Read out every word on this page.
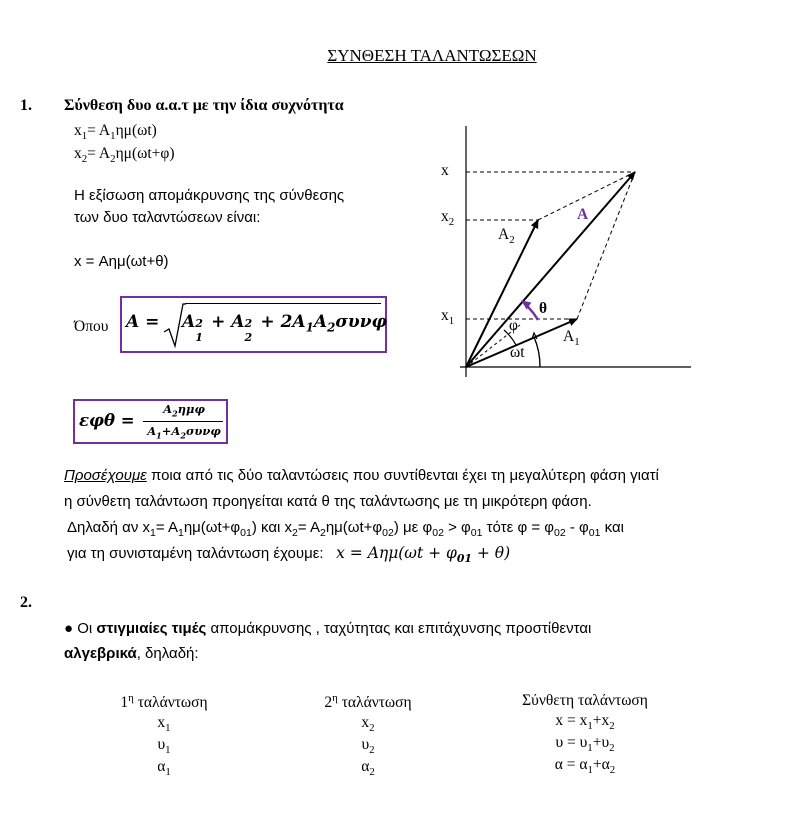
ΣΥΝΘΕΣΗ ΤΑΛΑΝΤΩΣΕΩΝ
1. Σύνθεση δυο α.α.τ με την ίδια συχνότητα
$x_1= A_1\eta\mu(\omega t)$
$x_2= A_2\eta\mu(\omega t+\varphi)$
Η εξίσωση απομάκρυνσης της σύνθεσης
των δυο ταλαντώσεων είναι:
x = Αημ(ωt+θ)
Όπου A = A 2
1
+ A 2
2
+ $2A_1A_2\sigma\upsilon\nu\varphi$
εφθ =
$A_2\eta\mu\varphi$
$A_1+A_2\sigma\upsilon\nu\varphi$
x
$x_2$
$x_1$
$A_2$
A
$A_1$
θ
φ
ωt
Προσέχουμε ποια από τις δύο ταλαντώσεις που συντίθενται έχει τη μεγαλύτερη φάση γιατί
η σύνθετη ταλάντωση προηγείται κατά θ της ταλάντωσης με τη μικρότερη φάση.
Δηλαδή αν $x_1= A_1\eta\mu(\omega t+\varphi_{01})$ και $x_2= A_2\eta\mu(\omega t+\varphi_{02})$ με $\varphi_{02} > \varphi_{01}$ τότε $\varphi = \varphi_{02} - \varphi_{01}$ και
για τη συνισταμένη ταλάντωση έχουμε: $x = A\eta\mu(\omega t + \varphi_{01} + \theta)$
2.
● Οι στιγμιαίες τιμές απομάκρυνσης , ταχύτητας και επιτάχυνσης προστίθενται
αλγεβρικά, δηλαδή:
$1^\eta$ ταλάντωση
$x_1$
$\upsilon_1$
$\alpha_1$
$2^\eta$ ταλάντωση
$x_2$
$\upsilon_2$
$\alpha_2$
Σύνθετη ταλάντωση
$x = x_1+x_2$
$\upsilon = \upsilon_1+\upsilon_2$
$\alpha = \alpha_1+\alpha_2$
